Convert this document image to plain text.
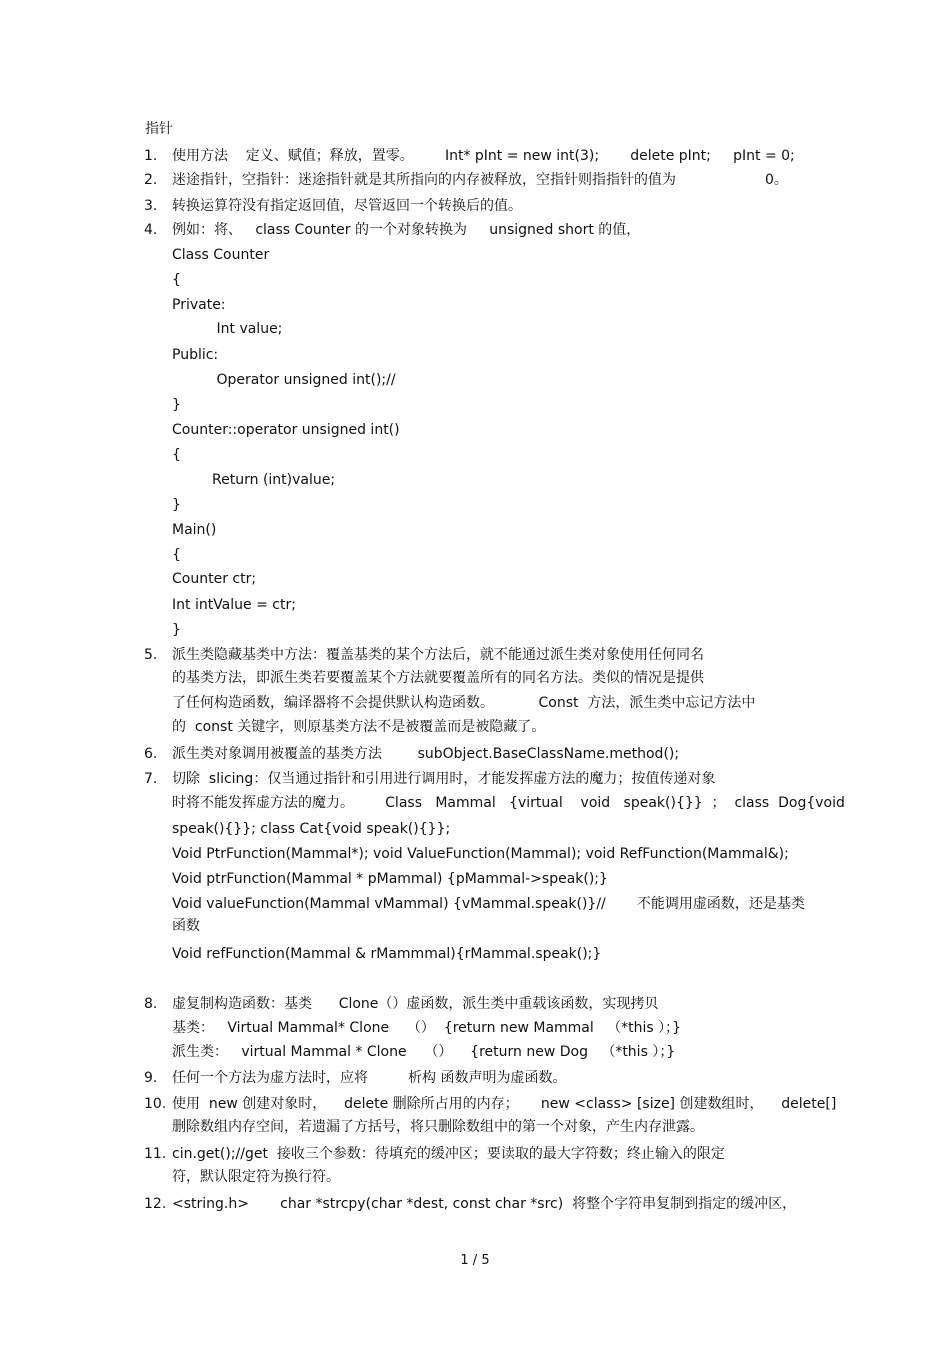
指针
1. 使用方法    定义、赋值；释放，置零。       Int* pInt = new int(3);       delete pInt;     pInt = 0;
2. 迷途指针，空指针：迷途指针就是其所指向的内存被释放，空指针则指指针的值为                    0。
3. 转换运算符没有指定返回值，尽管返回一个转换后的值。
4. 例如：将、   class Counter 的一个对象转换为     unsigned short 的值，
Class Counter
{
Private:
Int value;
Public:
Operator unsigned int();//
}
Counter::operator unsigned int()
{
Return (int)value;
}
Main()
{
Counter ctr;
Int intValue = ctr;
}
5. 派生类隐藏基类中方法：覆盖基类的某个方法后，就不能通过派生类对象使用任何同名
的基类方法，即派生类若要覆盖某个方法就要覆盖所有的同名方法。类似的情况是提供
了任何构造函数，编译器将不会提供默认构造函数。          Const  方法，派生类中忘记方法中
的  const 关键字，则原基类方法不是被覆盖而是被隐藏了。
6. 派生类对象调用被覆盖的基类方法        subObject.BaseClassName.method();
7. 切除  slicing：仅当通过指针和引用进行调用时，才能发挥虚方法的魔力；按值传递对象
时将不能发挥虚方法的魔力。       Class   Mammal   {virtual    void   speak(){}}  ；  class  Dog{void
speak(){}}; class Cat{void speak(){}};
Void PtrFunction(Mammal*); void ValueFunction(Mammal); void RefFunction(Mammal&);
Void ptrFunction(Mammal * pMammal) {pMammal->speak();}
Void valueFunction(Mammal vMammal) {vMammal.speak()}//       不能调用虚函数，还是基类
函数
Void refFunction(Mammal & rMammmal){rMammal.speak();}
8. 虚复制构造函数：基类      Clone（）虚函数，派生类中重载该函数，实现拷贝
基类：   Virtual Mammal* Clone    （）  {return new Mammal   （*this ）；}
派生类：   virtual Mammal * Clone    （）    {return new Dog   （*this ）；}
9. 任何一个方法为虚方法时，应将         析构 函数声明为虚函数。
10. 使用  new 创建对象时，    delete 删除所占用的内存；     new <class> [size] 创建数组时，    delete[]
删除数组内存空间，若遗漏了方括号，将只删除数组中的第一个对象，产生内存泄露。
11. cin.get();//get  接收三个参数：待填充的缓冲区；要读取的最大字符数；终止输入的限定
符，默认限定符为换行符。
12. <string.h>       char *strcpy(char *dest, const char *src)  将整个字符串复制到指定的缓冲区，
1 / 5
